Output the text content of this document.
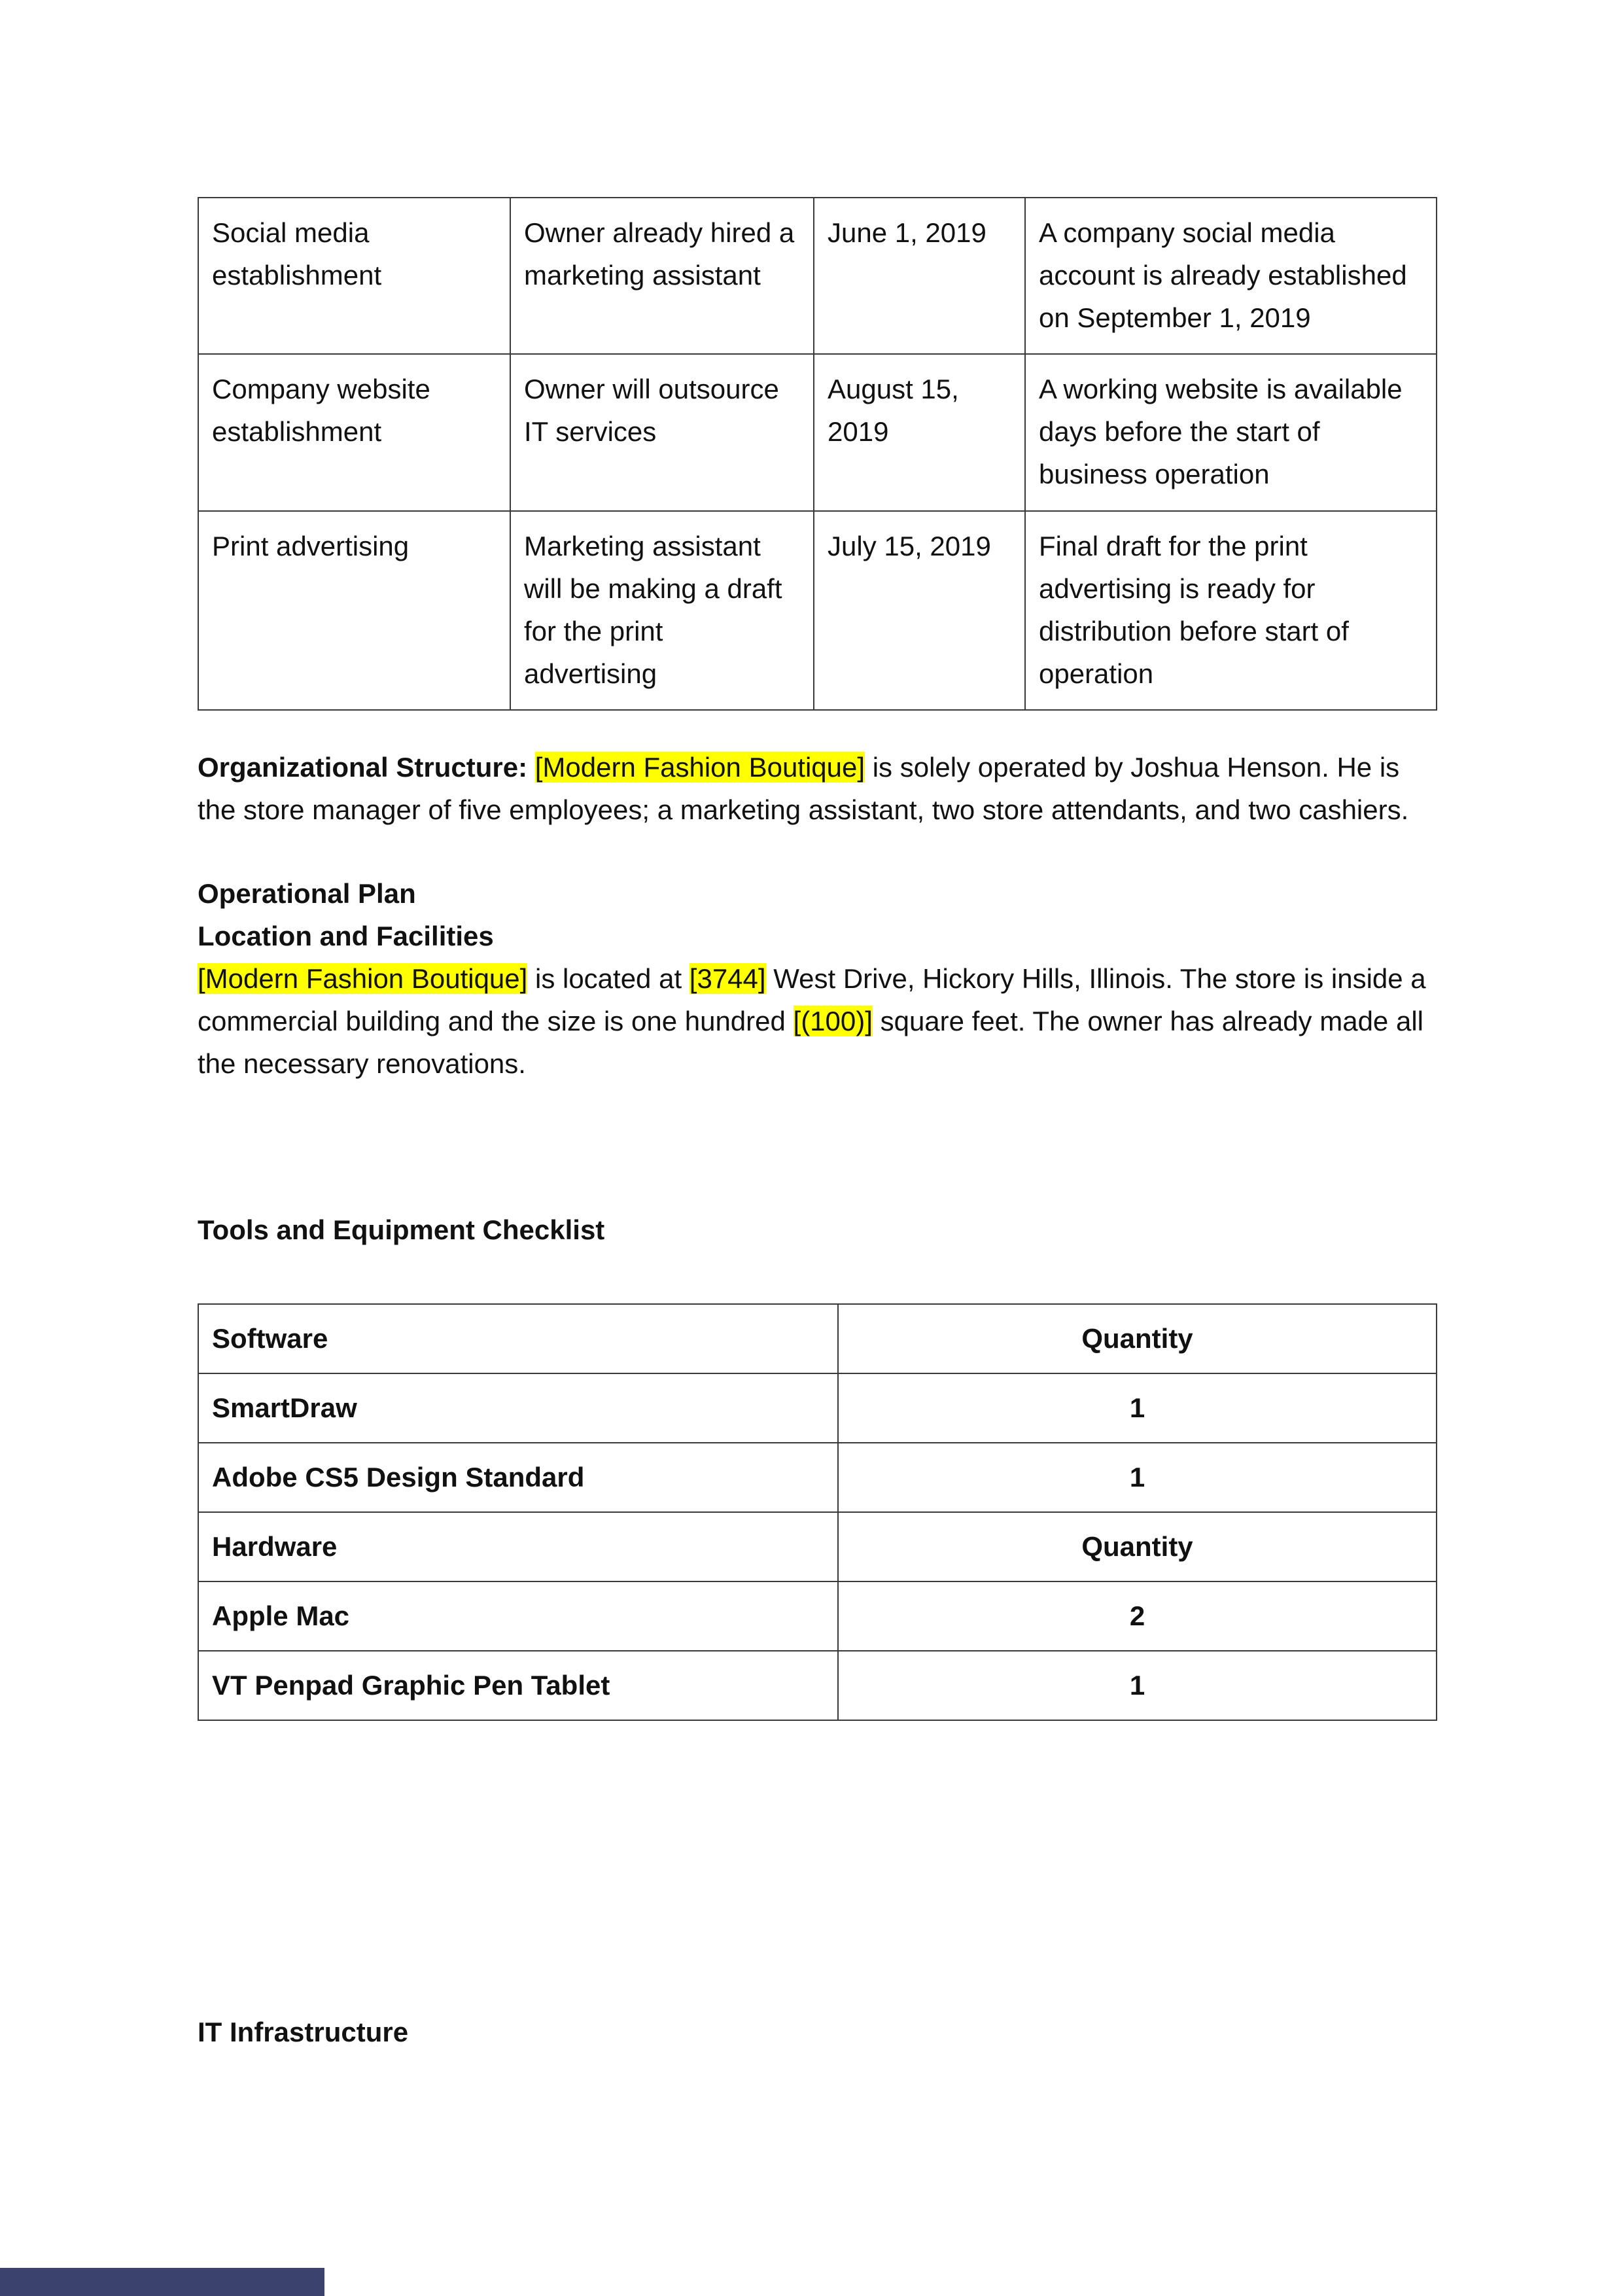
Social media establishment	Owner already hired a marketing assistant	June 1, 2019	A company social media account is already established on September 1, 2019
Company website establishment	Owner will outsource IT services	August 15, 2019	A working website is available days before the start of business operation
Print advertising	Marketing assistant will be making a draft for the print advertising	July 15, 2019	Final draft for the print advertising is ready for distribution before start of operation
Organizational Structure: [Modern Fashion Boutique] is solely operated by Joshua Henson. He is the store manager of five employees; a marketing assistant, two store attendants, and two cashiers.
Operational Plan
Location and Facilities
[Modern Fashion Boutique] is located at [3744] West Drive, Hickory Hills, Illinois. The store is inside a commercial building and the size is one hundred [(100)] square feet. The owner has already made all the necessary renovations.
Tools and Equipment Checklist
Software	Quantity
SmartDraw	1
Adobe CS5 Design Standard	1
Hardware	Quantity
Apple Mac	2
VT Penpad Graphic Pen Tablet	1
IT Infrastructure
